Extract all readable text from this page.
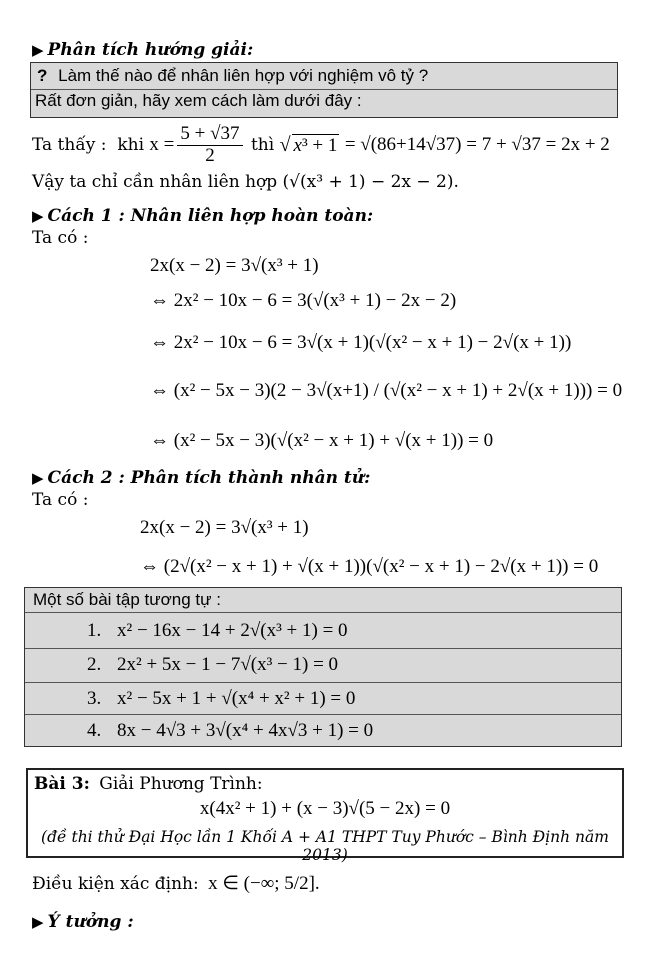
▶ Phân tích hướng giải:
? Làm thế nào để nhân liên hợp với nghiệm vô tỷ ?
Rất đơn giản, hãy xem cách làm dưới đây :
Ta thấy :
khi
$x = \frac{5 + √37}{2}$
thì
√ x³ + 1
= √(86+14√37) = 7 + √37 = 2x + 2
Vậy ta chỉ cần nhân liên hợp (√(x³ + 1) − 2x − 2).
▶ Cách 1 : Nhân liên hợp hoàn toàn:
Ta có :
2x(x − 2) = 3√(x³ + 1)
⇔ 2x² − 10x − 6 = 3(√(x³ + 1) − 2x − 2)
⇔ 2x² − 10x − 6 = 3√(x + 1)(√(x² − x + 1) − 2√(x + 1))
⇔ (x² − 5x − 3)(2 − 3√(x+1) / (√(x² − x + 1) + 2√(x + 1))) = 0
⇔ (x² − 5x − 3)(√(x² − x + 1) + √(x + 1)) = 0
▶ Cách 2 : Phân tích thành nhân tử:
Ta có :
2x(x − 2) = 3√(x³ + 1)
⇔ (2√(x² − x + 1) + √(x + 1))(√(x² − x + 1) − 2√(x + 1)) = 0
Một số bài tập tương tự :
1. x² − 16x − 14 + 2√(x³ + 1) = 0
2. 2x² + 5x − 1 − 7√(x³ − 1) = 0
3. x² − 5x + 1 + √(x⁴ + x² + 1) = 0
4. 8x − 4√3 + 3√(x⁴ + 4x√3 + 1) = 0
Bài 3: Giải Phương Trình:
x(4x² + 1) + (x − 3)√(5 − 2x) = 0
(đề thi thử Đại Học lần 1 Khối A + A1 THPT Tuy Phước – Bình Định năm 2013)
Điều kiện xác định: x ∈ (−∞; 5/2].
▶ Ý tưởng :
